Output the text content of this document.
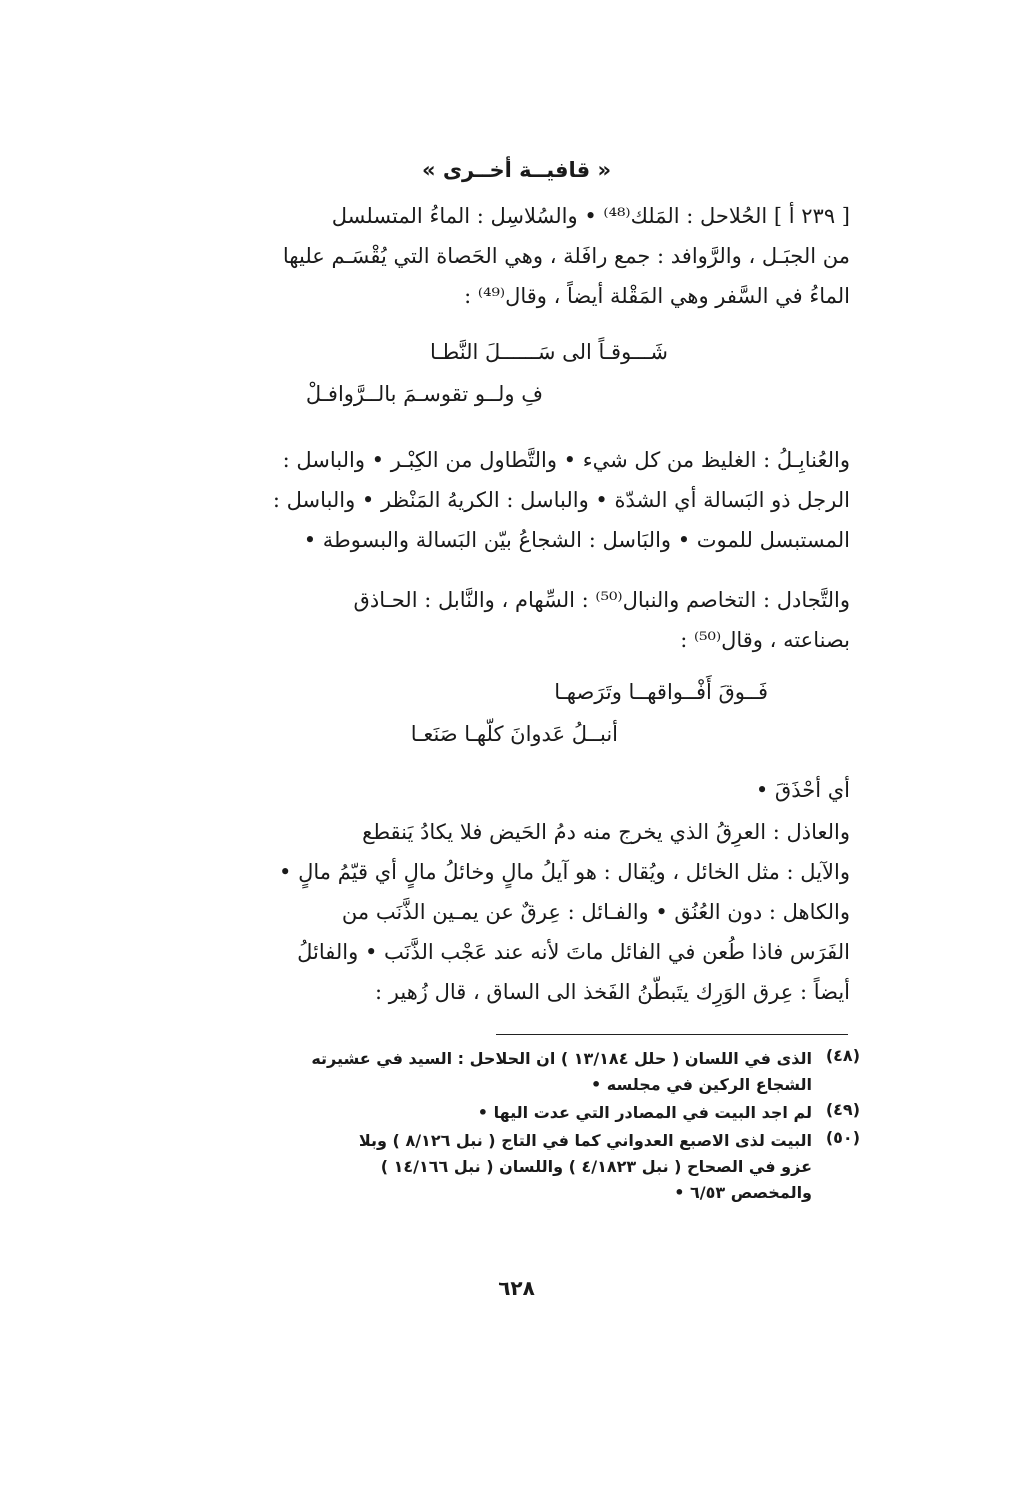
« قافيــة أخــرى »
[ ٢٣٩ أ ] الحُلاحل : المَلك⁽⁴⁸⁾ • والسُلاسِل : الماءُ المتسلسل
من الجبَـل ، والرَّوافد : جمع رافَلة ، وهي الحَصاة التي يُقْسَـم عليها
الماءُ في السَّفر وهي المَقْلة أيضاً ، وقال⁽⁴⁹⁾ :
شَـــوقـاً الى سَــــــلَ النَّطـا
فِ ولــو تقوسـمَ بالــرَّوافـلْ
والعُنابِـلُ : الغليظ من كل شيء • والتَّطاول من الكِبْـر • والباسل :
الرجل ذو البَسالة أي الشدّة • والباسل : الكريهُ المَنْظر • والباسل :
المستبسل للموت • والبَاسل : الشجاعُ بيّن البَسالة والبسوطة •
والتَّجادل : التخاصم والنبال⁽⁵⁰⁾ : السِّهام ، والنَّابل : الحـاذق
بصناعته ، وقال⁽⁵⁰⁾ :
فَــوقَ أَفْــواقهــا وتَرَصهـا
أنبــلُ عَدوانَ كلّهـا صَنَعـا
أي أحْذَقَ •
والعاذل : العرِقُ الذي يخرج منه دمُ الحَيض فلا يكادُ يَنقطع
والآيل : مثل الخائل ، ويُقال : هو آيلُ مالٍ وخائلُ مالٍ أي قيّمُ مالٍ •
والكاهل : دون العُنُق • والفـائل : عِرقٌ عن يمـين الذَّنَب من
الفَرَس فاذا طُعن في الفائل ماتَ لأنه عند عَجْب الذَّنَب • والفائلُ
أيضاً : عِرق الوَرِك يتَبطّنُ الفَخذ الى الساق ، قال زُهير :
(٤٨)
الذى في اللسان ( حلل ١٣/١٨٤ ) ان الحلاحل : السيد في عشيرته
الشجاع الركين في مجلسه •
(٤٩)
لم اجد البيت في المصادر التي عدت اليها •
(٥٠)
البيت لذى الاصبع العدواني كما في التاج ( نبل ٨/١٢٦ ) وبلا
عزو في الصحاح ( نبل ٤/١٨٢٣ ) واللسان ( نبل ١٤/١٦٦ )
والمخصص ٦/٥٣ •
٦٢٨
